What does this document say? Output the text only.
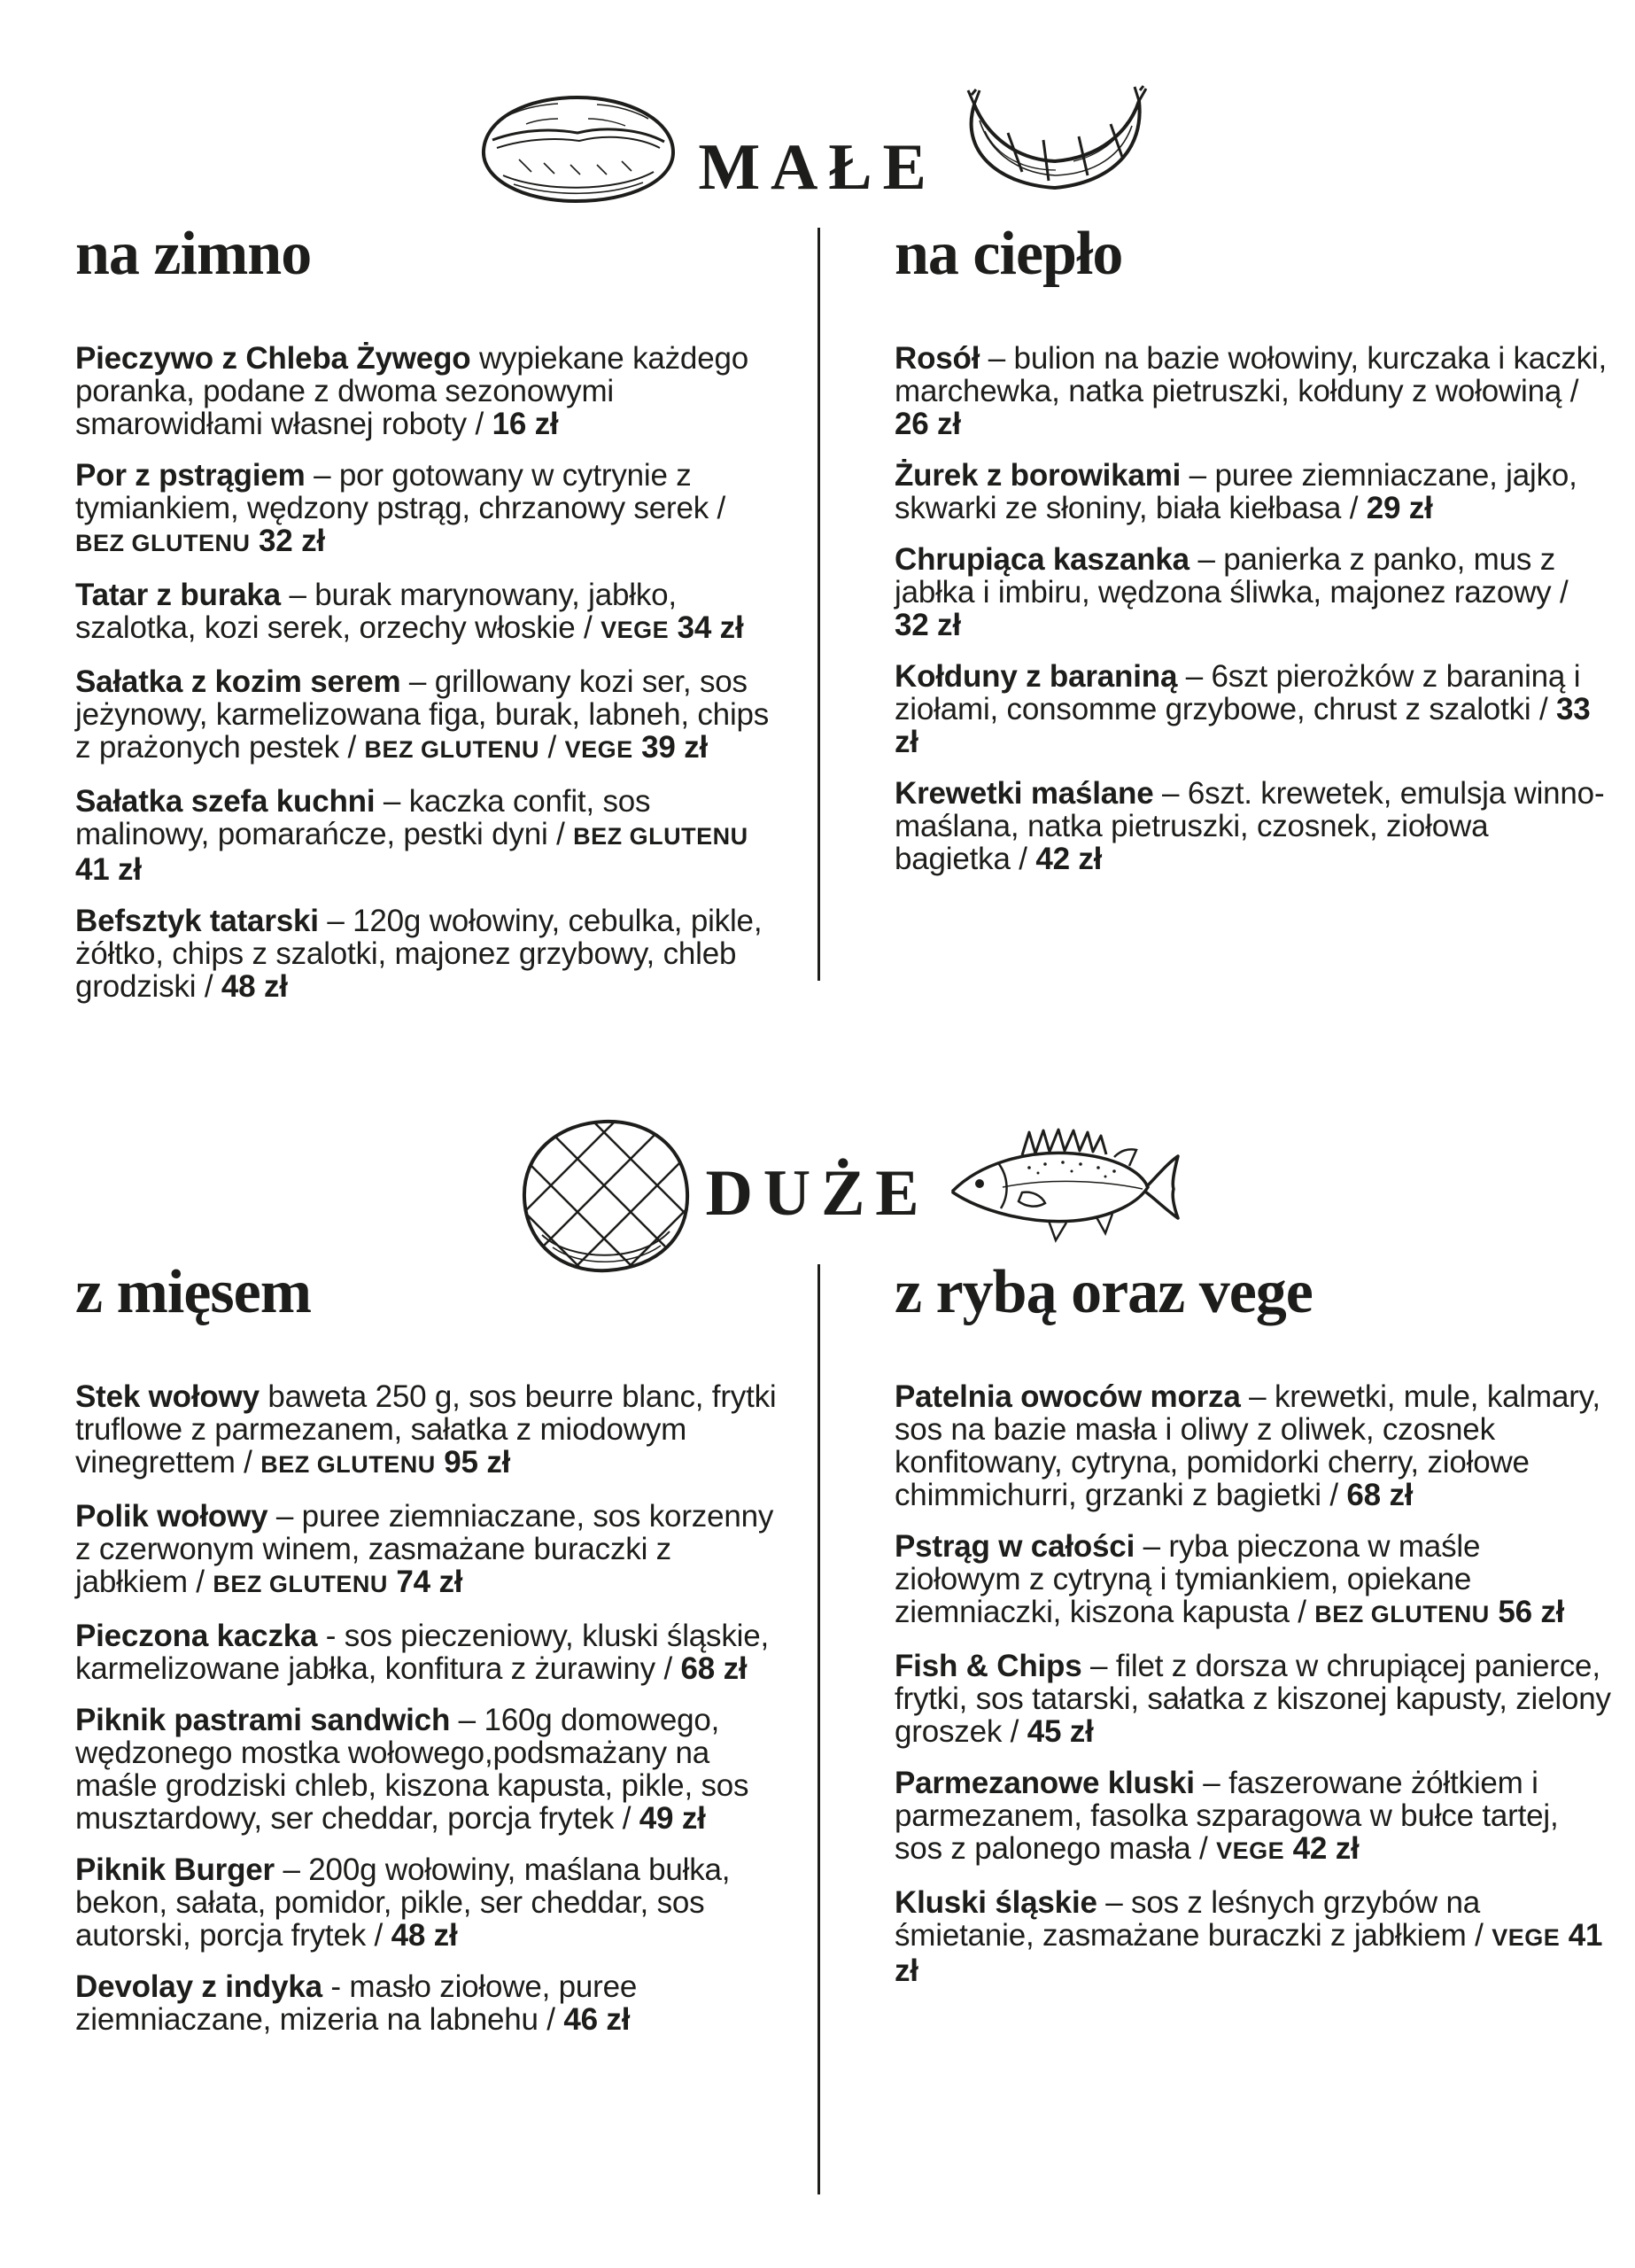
MAŁE
na zimno

Pieczywo z Chleba Żywego wypiekane każdego poranka, podane z dwoma sezonowymi smarowidłami własnej roboty / 16 zł

Por z pstrągiem – por gotowany w cytrynie z tymiankiem, wędzony pstrąg, chrzanowy serek / BEZ GLUTENU 32 zł

Tatar z buraka – burak marynowany, jabłko, szalotka, kozi serek, orzechy włoskie / VEGE 34 zł

Sałatka z kozim serem – grillowany kozi ser, sos jeżynowy, karmelizowana figa, burak, labneh, chips z prażonych pestek / BEZ GLUTENU / VEGE 39 zł

Sałatka szefa kuchni – kaczka confit, sos malinowy, pomarańcze, pestki dyni / BEZ GLUTENU 41 zł

Befsztyk tatarski – 120g wołowiny, cebulka, pikle, żółtko, chips z szalotki, majonez grzybowy, chleb grodziski / 48 zł

na ciepło

Rosół – bulion na bazie wołowiny, kurczaka i kaczki, marchewka, natka pietruszki, kołduny z wołowiną / 26 zł

Żurek z borowikami – puree ziemniaczane, jajko, skwarki ze słoniny, biała kiełbasa / 29 zł

Chrupiąca kaszanka – panierka z panko, mus z jabłka i imbiru, wędzona śliwka, majonez razowy / 32 zł

Kołduny z baraniną – 6szt pierożków z baraniną i ziołami, consomme grzybowe, chrust z szalotki / 33 zł

Krewetki maślane – 6szt. krewetek, emulsja winno-maślana, natka pietruszki, czosnek, ziołowa bagietka / 42 zł

DUŻE
z mięsem

Stek wołowy baweta 250 g, sos beurre blanc, frytki truflowe z parmezanem, sałatka z miodowym vinegrettem / BEZ GLUTENU 95 zł

Polik wołowy – puree ziemniaczane, sos korzenny z czerwonym winem, zasmażane buraczki z jabłkiem / BEZ GLUTENU 74 zł

Pieczona kaczka - sos pieczeniowy, kluski śląskie, karmelizowane jabłka, konfitura z żurawiny / 68 zł

Piknik pastrami sandwich – 160g domowego, wędzonego mostka wołowego,podsmażany na maśle grodziski chleb, kiszona kapusta, pikle, sos musztardowy, ser cheddar, porcja frytek / 49 zł

Piknik Burger – 200g wołowiny, maślana bułka, bekon, sałata, pomidor, pikle, ser cheddar, sos autorski, porcja frytek / 48 zł

Devolay z indyka - masło ziołowe, puree ziemniaczane, mizeria na labnehu / 46 zł

z rybą oraz vege

Patelnia owoców morza – krewetki, mule, kalmary, sos na bazie masła i oliwy z oliwek, czosnek konfitowany, cytryna, pomidorki cherry, ziołowe chimmichurri, grzanki z bagietki / 68 zł

Pstrąg w całości – ryba pieczona w maśle ziołowym z cytryną i tymiankiem, opiekane ziemniaczki, kiszona kapusta / BEZ GLUTENU 56 zł

Fish & Chips – filet z dorsza w chrupiącej panierce, frytki, sos tatarski, sałatka z kiszonej kapusty, zielony groszek / 45 zł

Parmezanowe kluski – faszerowane żółtkiem i parmezanem, fasolka szparagowa w bułce tartej, sos z palonego masła / VEGE 42 zł

Kluski śląskie – sos z leśnych grzybów na śmietanie, zasmażane buraczki z jabłkiem / VEGE 41 zł
